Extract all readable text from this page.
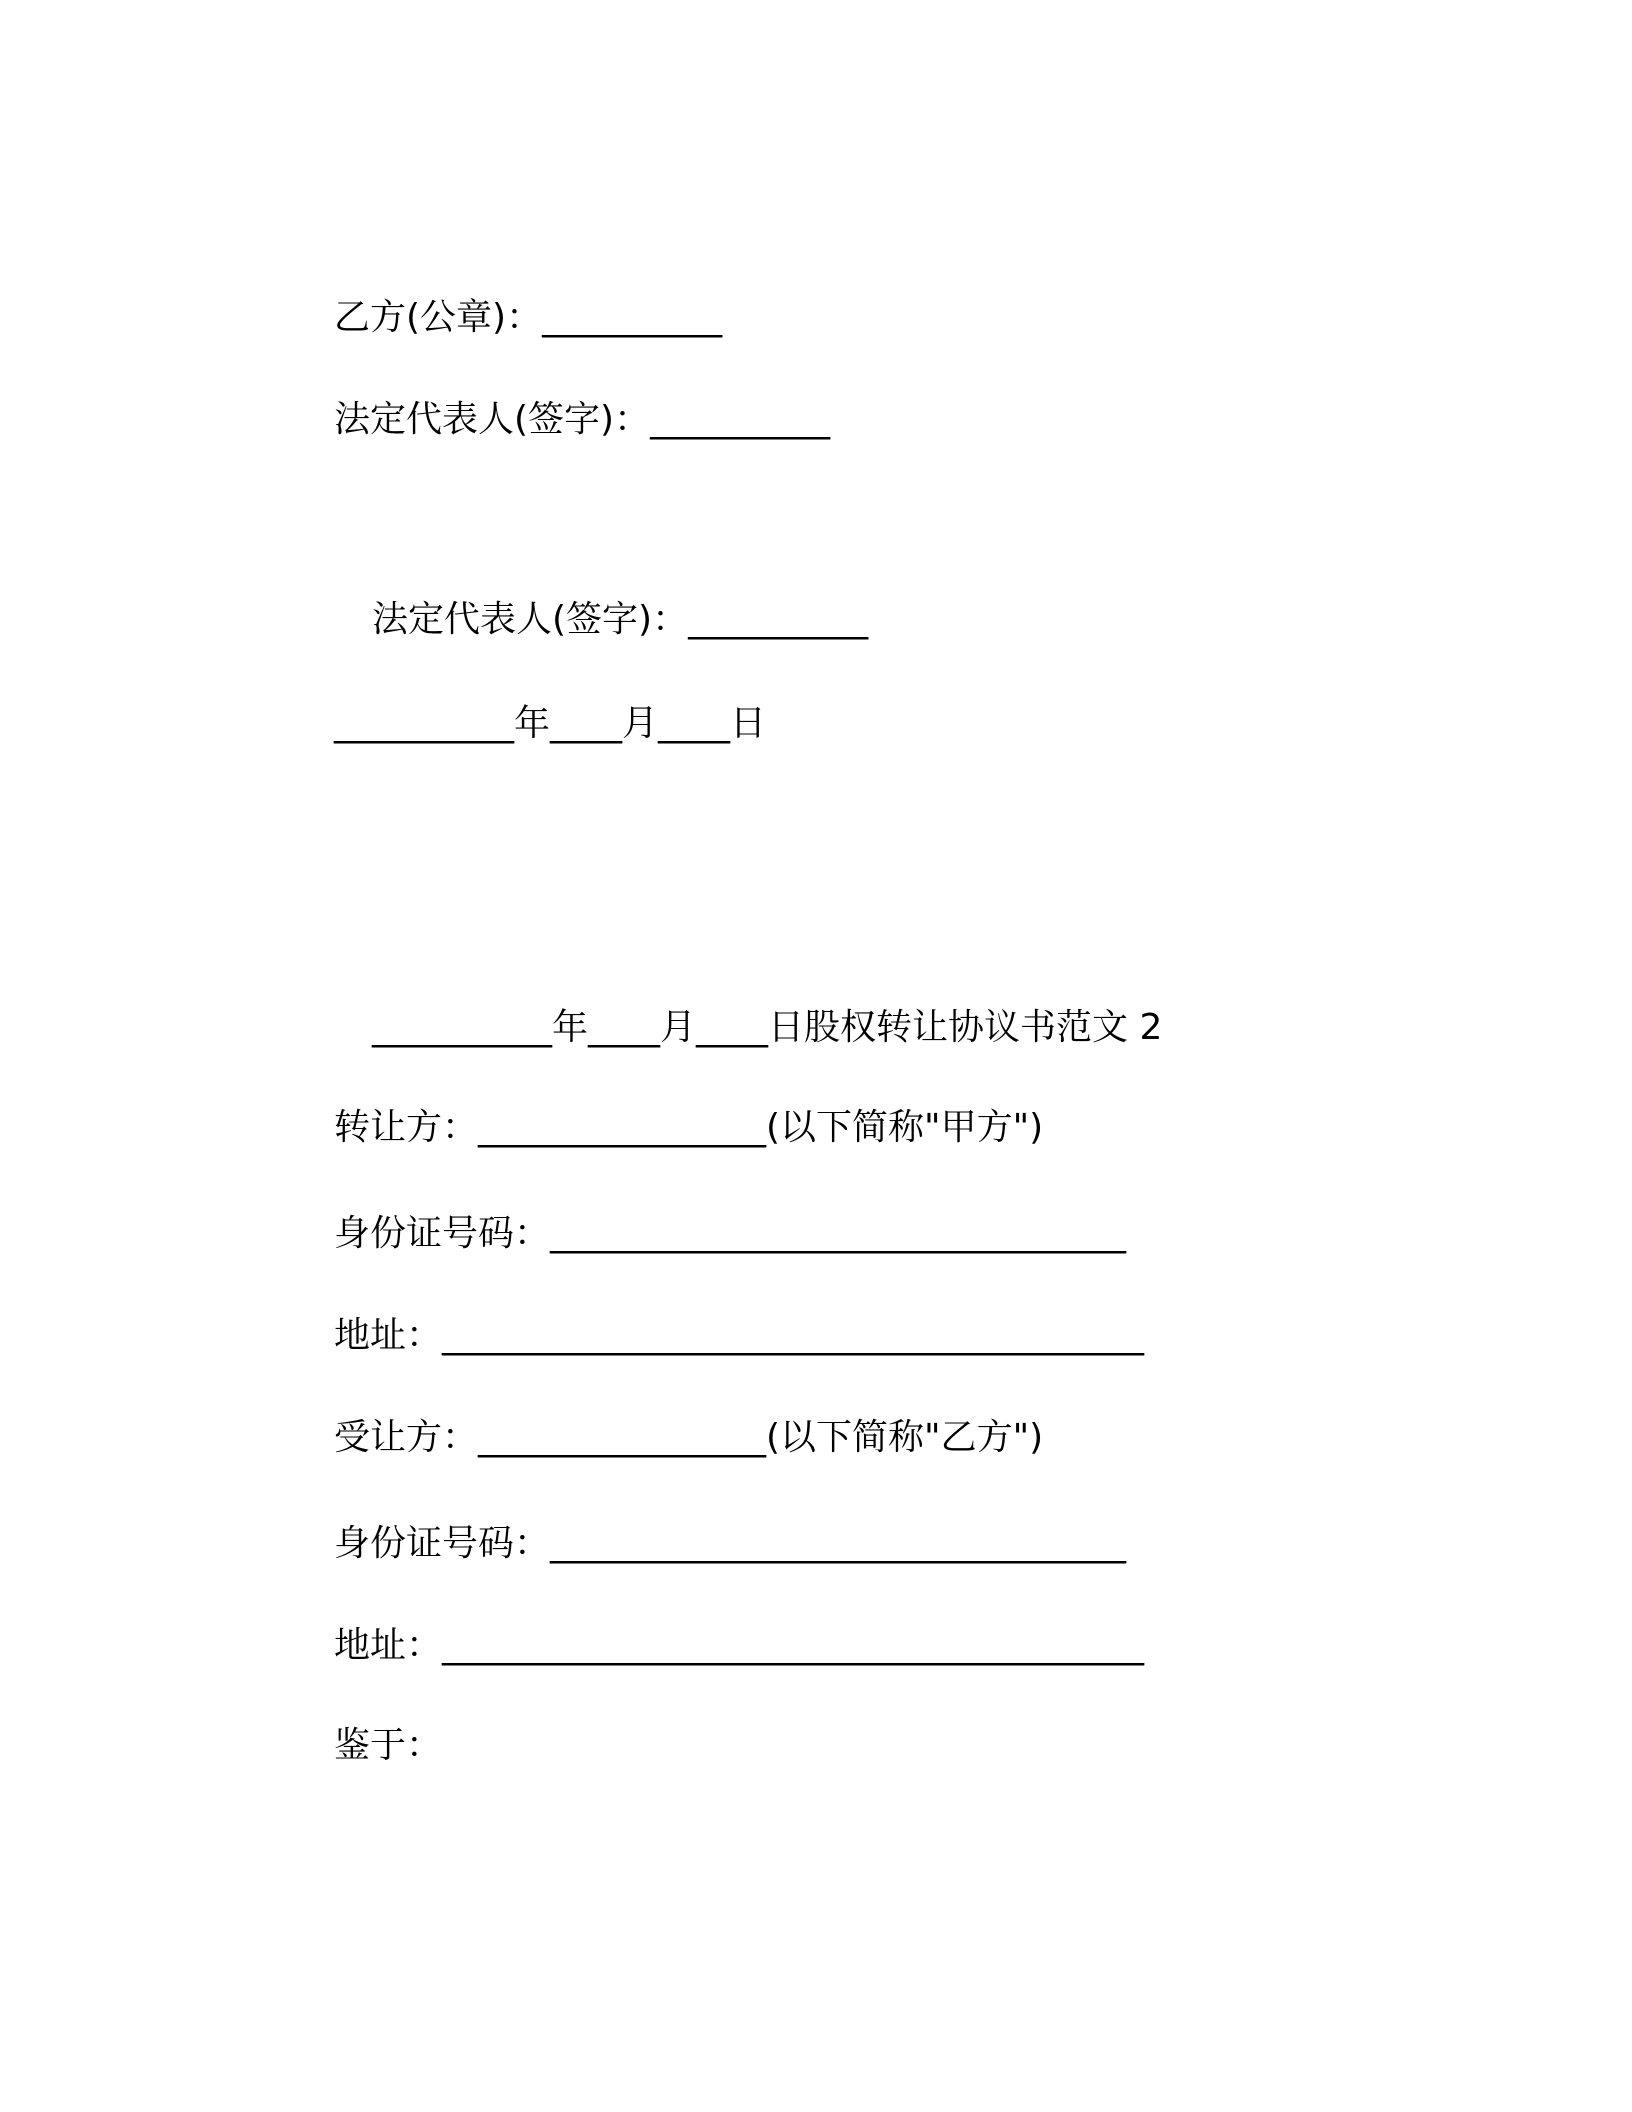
乙方(公章)：__________
法定代表人(签字)：__________
法定代表人(签字)：__________
__________年____月____日
__________年____月____日股权转让协议书范文 2
转让方：________________(以下简称"甲方")
身份证号码：________________________________
地址：_______________________________________
受让方：________________(以下简称"乙方")
身份证号码：________________________________
地址：_______________________________________
鉴于：
